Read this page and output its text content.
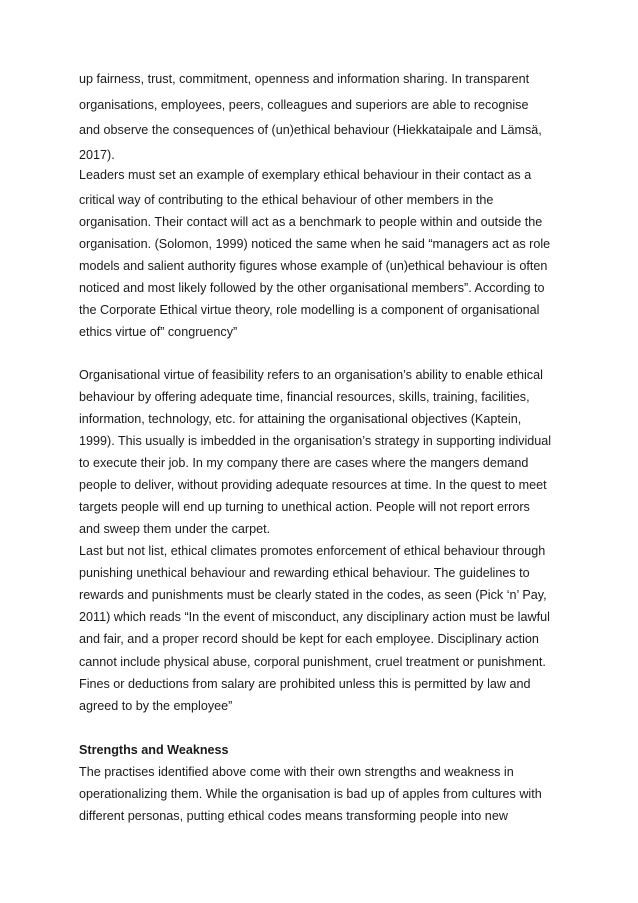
up fairness, trust, commitment, openness and information sharing. In transparent
organisations, employees, peers, colleagues and superiors are able to recognise
and observe the consequences of (un)ethical behaviour (Hiekkataipale and Lämsä,
2017).
Leaders must set an example of exemplary ethical behaviour in their contact as a
critical way of contributing to the ethical behaviour of other members in the
organisation. Their contact will act as a benchmark to people within and outside the
organisation. (Solomon, 1999) noticed the same when he said “managers act as role
models and salient authority figures whose example of (un)ethical behaviour is often
noticed and most likely followed by the other organisational members”. According to
the Corporate Ethical virtue theory, role modelling is a component of organisational
ethics virtue of” congruency”
Organisational virtue of feasibility refers to an organisation’s ability to enable ethical
behaviour by offering adequate time, financial resources, skills, training, facilities,
information, technology, etc. for attaining the organisational objectives (Kaptein,
1999). This usually is imbedded in the organisation’s strategy in supporting individual
to execute their job. In my company there are cases where the mangers demand
people to deliver, without providing adequate resources at time. In the quest to meet
targets people will end up turning to unethical action. People will not report errors
and sweep them under the carpet.
Last but not list, ethical climates promotes enforcement of ethical behaviour through
punishing unethical behaviour and rewarding ethical behaviour. The guidelines to
rewards and punishments must be clearly stated in the codes, as seen (Pick ‘n’ Pay,
2011) which reads “In the event of misconduct, any disciplinary action must be lawful
and fair, and a proper record should be kept for each employee. Disciplinary action
cannot include physical abuse, corporal punishment, cruel treatment or punishment.
Fines or deductions from salary are prohibited unless this is permitted by law and
agreed to by the employee”
Strengths and Weakness
The practises identified above come with their own strengths and weakness in
operationalizing them. While the organisation is bad up of apples from cultures with
different personas, putting ethical codes means transforming people into new
